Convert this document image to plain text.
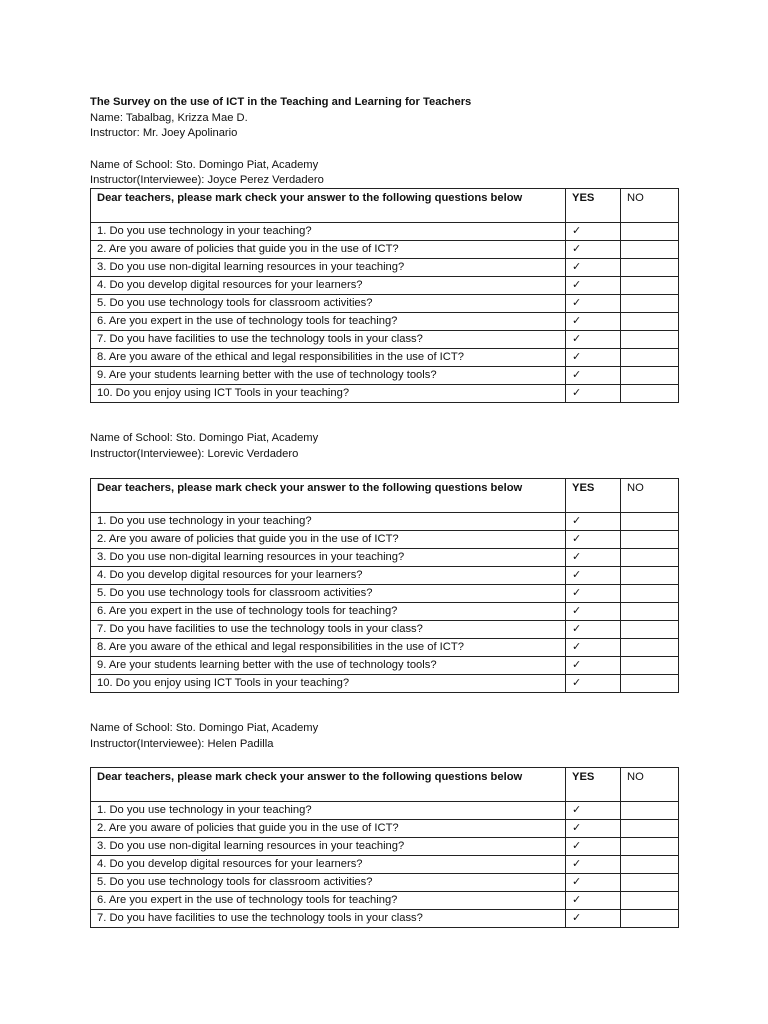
The Survey on the use of ICT in the Teaching and Learning for Teachers
Name: Tabalbag, Krizza Mae D.
Instructor: Mr. Joey Apolinario
Name of School: Sto. Domingo Piat, Academy
Instructor(Interviewee): Joyce Perez Verdadero
Dear teachers, please mark check your answer to the following questions below	YES	NO
1. Do you use technology in your teaching?	✓	
2. Are you aware of policies that guide you in the use of ICT?	✓	
3. Do you use non-digital learning resources in your teaching?	✓	
4. Do you develop digital resources for your learners?	✓	
5. Do you use technology tools for classroom activities?	✓	
6. Are you expert in the use of technology tools for teaching?	✓	
7. Do you have facilities to use the technology tools in your class?	✓	
8. Are you aware of the ethical and legal responsibilities in the use of ICT?	✓	
9. Are your students learning better with the use of technology tools?	✓	
10. Do you enjoy using ICT Tools in your teaching?	✓	
Name of School: Sto. Domingo Piat, Academy
Instructor(Interviewee): Lorevic Verdadero
Dear teachers, please mark check your answer to the following questions below	YES	NO
1. Do you use technology in your teaching?	✓	
2. Are you aware of policies that guide you in the use of ICT?	✓	
3. Do you use non-digital learning resources in your teaching?	✓	
4. Do you develop digital resources for your learners?	✓	
5. Do you use technology tools for classroom activities?	✓	
6. Are you expert in the use of technology tools for teaching?	✓	
7. Do you have facilities to use the technology tools in your class?	✓	
8. Are you aware of the ethical and legal responsibilities in the use of ICT?	✓	
9. Are your students learning better with the use of technology tools?	✓	
10. Do you enjoy using ICT Tools in your teaching?	✓	
Name of School: Sto. Domingo Piat, Academy
Instructor(Interviewee): Helen Padilla
Dear teachers, please mark check your answer to the following questions below	YES	NO
1. Do you use technology in your teaching?	✓	
2. Are you aware of policies that guide you in the use of ICT?	✓	
3. Do you use non-digital learning resources in your teaching?	✓	
4. Do you develop digital resources for your learners?	✓	
5. Do you use technology tools for classroom activities?	✓	
6. Are you expert in the use of technology tools for teaching?	✓	
7. Do you have facilities to use the technology tools in your class?	✓	
